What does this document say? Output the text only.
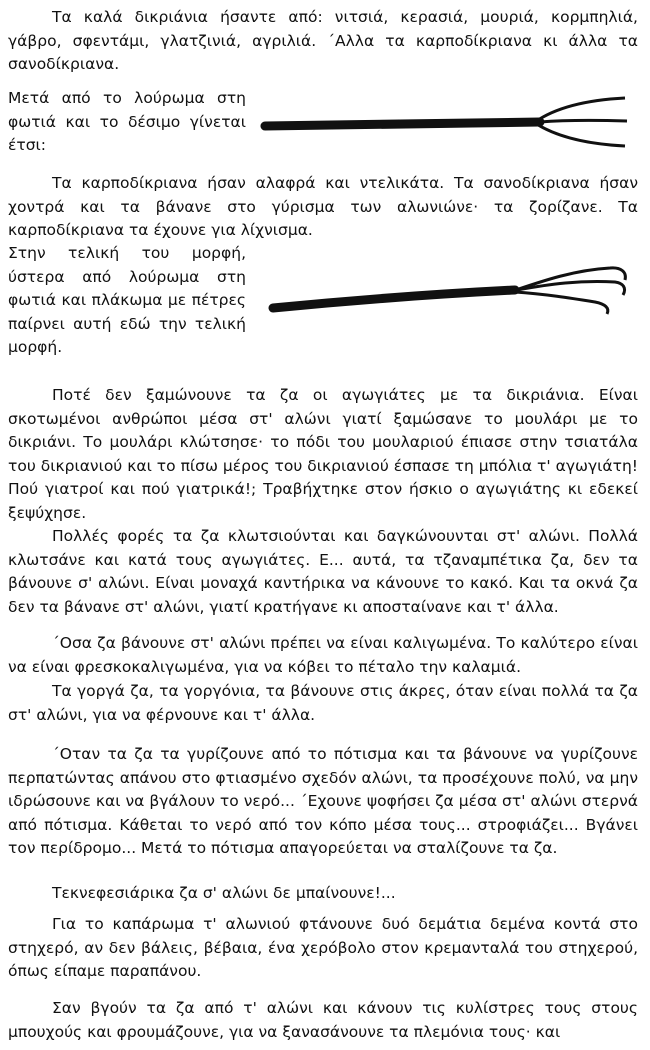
Τα καλά δικριάνια ήσαντε από: νιτσιά, κερασιά, μουριά, κορμπηλιά, γάβρο, σφεντάμι, γλατζινιά, αγριλιά. ΄Αλλα τα καρποδίκριανα κι άλλα τα σανοδίκριανα.

Μετά από το λούρωμα στη φωτιά και το δέσιμο γίνεται έτσι:

Τα καρποδίκριανα ήσαν αλαφρά και ντελικάτα. Τα σανοδίκριανα ήσαν χοντρά και τα βάνανε στο γύρισμα των αλωνιώνε· τα ζορίζανε. Τα καρποδίκριανα τα έχουνε για λίχνισμα.

Στην τελική του μορφή, ύστερα από λούρωμα στη φωτιά και πλάκωμα με πέτρες παίρνει αυτή εδώ την τελική μορφή.

Ποτέ δεν ξαμώνουνε τα ζα οι αγωγιάτες με τα δικριάνια. Είναι σκοτωμένοι ανθρώποι μέσα στ' αλώνι γιατί ξαμώσανε το μουλάρι με το δικριάνι. Το μουλάρι κλώτσησε· το πόδι του μουλαριού έπιασε στην τσιατάλα του δικριανιού και το πίσω μέρος του δικριανιού έσπασε τη μπόλια τ' αγωγιάτη! Πού γιατροί και πού γιατρικά!; Τραβήχτηκε στον ήσκιο ο αγωγιάτης κι εδεκεί ξεψύχησε.

Πολλές φορές τα ζα κλωτσιούνται και δαγκώνουνται στ' αλώνι. Πολλά κλωτσάνε και κατά τους αγωγιάτες. Ε... αυτά, τα τζαναμπέτικα ζα, δεν τα βάνουνε σ' αλώνι. Είναι μοναχά καντήρικα να κάνουνε το κακό. Και τα οκνά ζα δεν τα βάνανε στ' αλώνι, γιατί κρατήγανε κι αποσταίνανε και τ' άλλα.

΄Οσα ζα βάνουνε στ' αλώνι πρέπει να είναι καλιγωμένα. Το καλύτερο είναι να είναι φρεσκοκαλιγωμένα, για να κόβει το πέταλο την καλαμιά.

Τα γοργά ζα, τα γοργόνια, τα βάνουνε στις άκρες, όταν είναι πολλά τα ζα στ' αλώνι, για να φέρνουνε και τ' άλλα.

΄Οταν τα ζα τα γυρίζουνε από το πότισμα και τα βάνουνε να γυρίζουνε περπατώντας απάνου στο φτιασμένο σχεδόν αλώνι, τα προσέχουνε πολύ, να μην ιδρώσουνε και να βγάλουν το νερό... ΄Εχουνε ψοφήσει ζα μέσα στ' αλώνι στερνά από πότισμα. Κάθεται το νερό από τον κόπο μέσα τους... στροφιάζει... Βγάνει τον περίδρομο... Μετά το πότισμα απαγορεύεται να σταλίζουνε τα ζα.

Τεκνεφεσιάρικα ζα σ' αλώνι δε μπαίνουνε!...

Για το καπάρωμα τ' αλωνιού φτάνουνε δυό δεμάτια δεμένα κοντά στο στηχερό, αν δεν βάλεις, βέβαια, ένα χερόβολο στον κρεμανταλά του στηχερού, όπως είπαμε παραπάνου.

Σαν βγούν τα ζα από τ' αλώνι και κάνουν τις κυλίστρες τους στους μπουχούς και φρουμάζουνε, για να ξανασάνουνε τα πλεμόνια τους· και
